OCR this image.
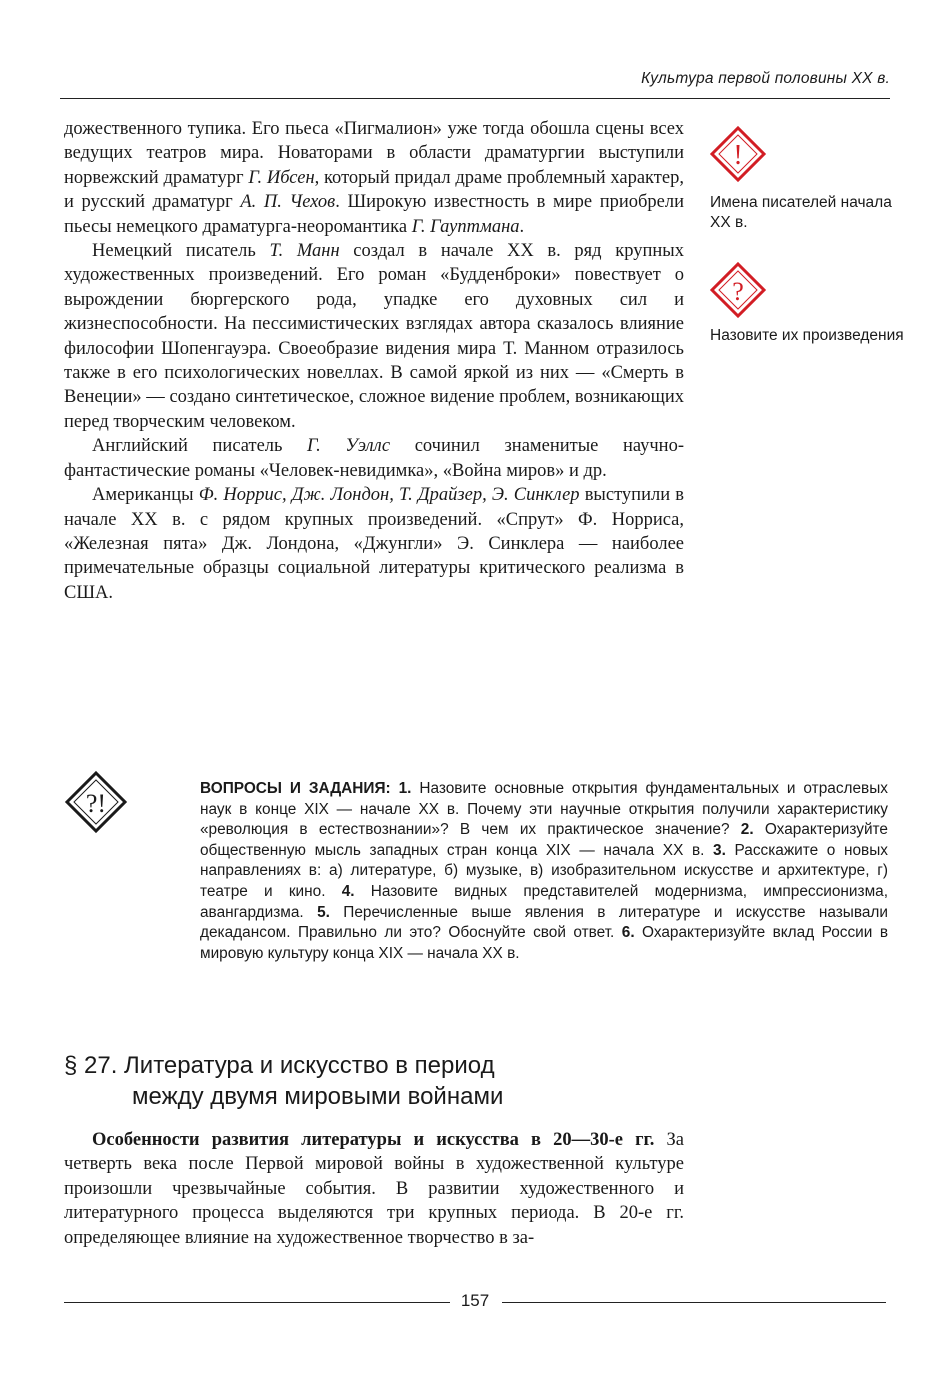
Культура первой половины XX в.

дожественного тупика. Его пьеса «Пигмалион» уже тогда обошла сцены всех ведущих театров мира. Новаторами в области драматургии выступили норвежский драматург Г. Ибсен, который придал драме проблемный характер, и русский драматург А. П. Чехов. Широкую известность в мире приобрели пьесы немецкого драматурга-неоромантика Г. Гауптмана.

Немецкий писатель Т. Манн создал в начале XX в. ряд крупных художественных произведений. Его роман «Будденброки» повествует о вырождении бюргерского рода, упадке его духовных сил и жизнеспособности. На пессимистических взглядах автора сказалось влияние философии Шопенгауэра. Своеобразие видения мира Т. Манном отразилось также в его психологических новеллах. В самой яркой из них — «Смерть в Венеции» — создано синтетическое, сложное видение проблем, возникающих перед творческим человеком.

Английский писатель Г. Уэллс сочинил знаменитые научно-фантастические романы «Человек-невидимка», «Война миров» и др.

Американцы Ф. Норрис, Дж. Лондон, Т. Драйзер, Э. Синклер выступили в начале XX в. с рядом крупных произведений. «Спрут» Ф. Норриса, «Железная пята» Дж. Лондона, «Джунгли» Э. Синклера — наиболее примечательные образцы социальной литературы критического реализма в США.

!
Имена писателей начала XX в.
?
Назовите их произведения
?!
ВОПРОСЫ И ЗАДАНИЯ: 1. Назовите основные открытия фундаментальных и отраслевых наук в конце XIX — начале XX в. Почему эти научные открытия получили характеристику «революция в естествознании»? В чем их практическое значение? 2. Охарактеризуйте общественную мысль западных стран конца XIX — начала XX в. 3. Расскажите о новых направлениях в: а) литературе, б) музыке, в) изобразительном искусстве и архитектуре, г) театре и кино. 4. Назовите видных представителей модернизма, импрессионизма, авангардизма. 5. Перечисленные выше явления в литературе и искусстве называли декадансом. Правильно ли это? Обоснуйте свой ответ. 6. Охарактеризуйте вклад России в мировую культуру конца XIX — начала XX в.
§ 27. Литература и искусство в период
между двумя мировыми войнами

Особенности развития литературы и искусства в 20—30-е гг. За четверть века после Первой мировой войны в художественной культуре произошли чрезвычайные события. В развитии художественного и литературного процесса выделяются три крупных периода. В 20-е гг. определяющее влияние на художественное творчество в за-

157
